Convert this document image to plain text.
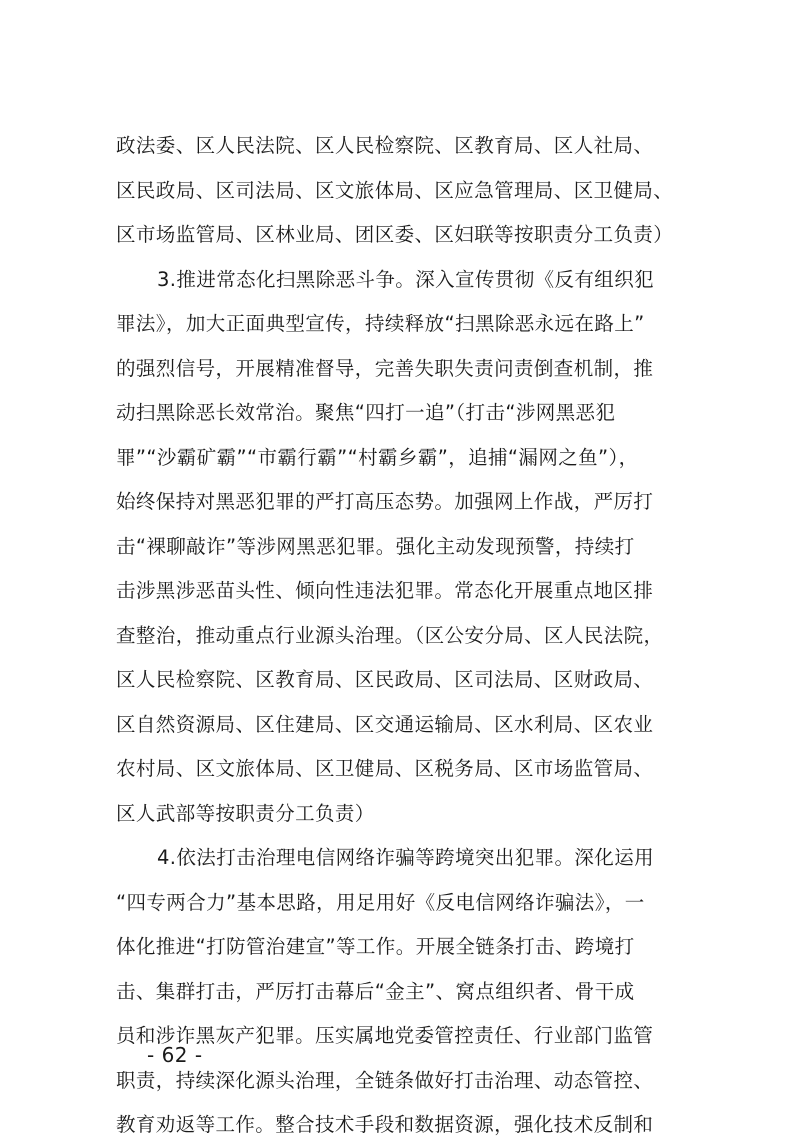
政法委、区人民法院、区人民检察院、区教育局、区人社局、
区民政局、区司法局、区文旅体局、区应急管理局、区卫健局、
区市场监管局、区林业局、团区委、区妇联等按职责分工负责）
3.推进常态化扫黑除恶斗争。深入宣传贯彻《反有组织犯
罪法》，加大正面典型宣传，持续释放“扫黑除恶永远在路上”
的强烈信号，开展精准督导，完善失职失责问责倒查机制，推
动扫黑除恶长效常治。聚焦“四打一追”（打击“涉网黑恶犯
罪”“沙霸矿霸”“市霸行霸”“村霸乡霸”，追捕“漏网之鱼”），
始终保持对黑恶犯罪的严打高压态势。加强网上作战，严厉打
击“裸聊敲诈”等涉网黑恶犯罪。强化主动发现预警，持续打
击涉黑涉恶苗头性、倾向性违法犯罪。常态化开展重点地区排
查整治，推动重点行业源头治理。（区公安分局、区人民法院，
区人民检察院、区教育局、区民政局、区司法局、区财政局、
区自然资源局、区住建局、区交通运输局、区水利局、区农业
农村局、区文旅体局、区卫健局、区税务局、区市场监管局、
区人武部等按职责分工负责）
4.依法打击治理电信网络诈骗等跨境突出犯罪。深化运用
“四专两合力”基本思路，用足用好《反电信网络诈骗法》，一
体化推进“打防管治建宣”等工作。开展全链条打击、跨境打
击、集群打击，严厉打击幕后“金主”、窝点组织者、骨干成
员和涉诈黑灰产犯罪。压实属地党委管控责任、行业部门监管
职责，持续深化源头治理，全链条做好打击治理、动态管控、
教育劝返等工作。整合技术手段和数据资源，强化技术反制和
- 62 -
